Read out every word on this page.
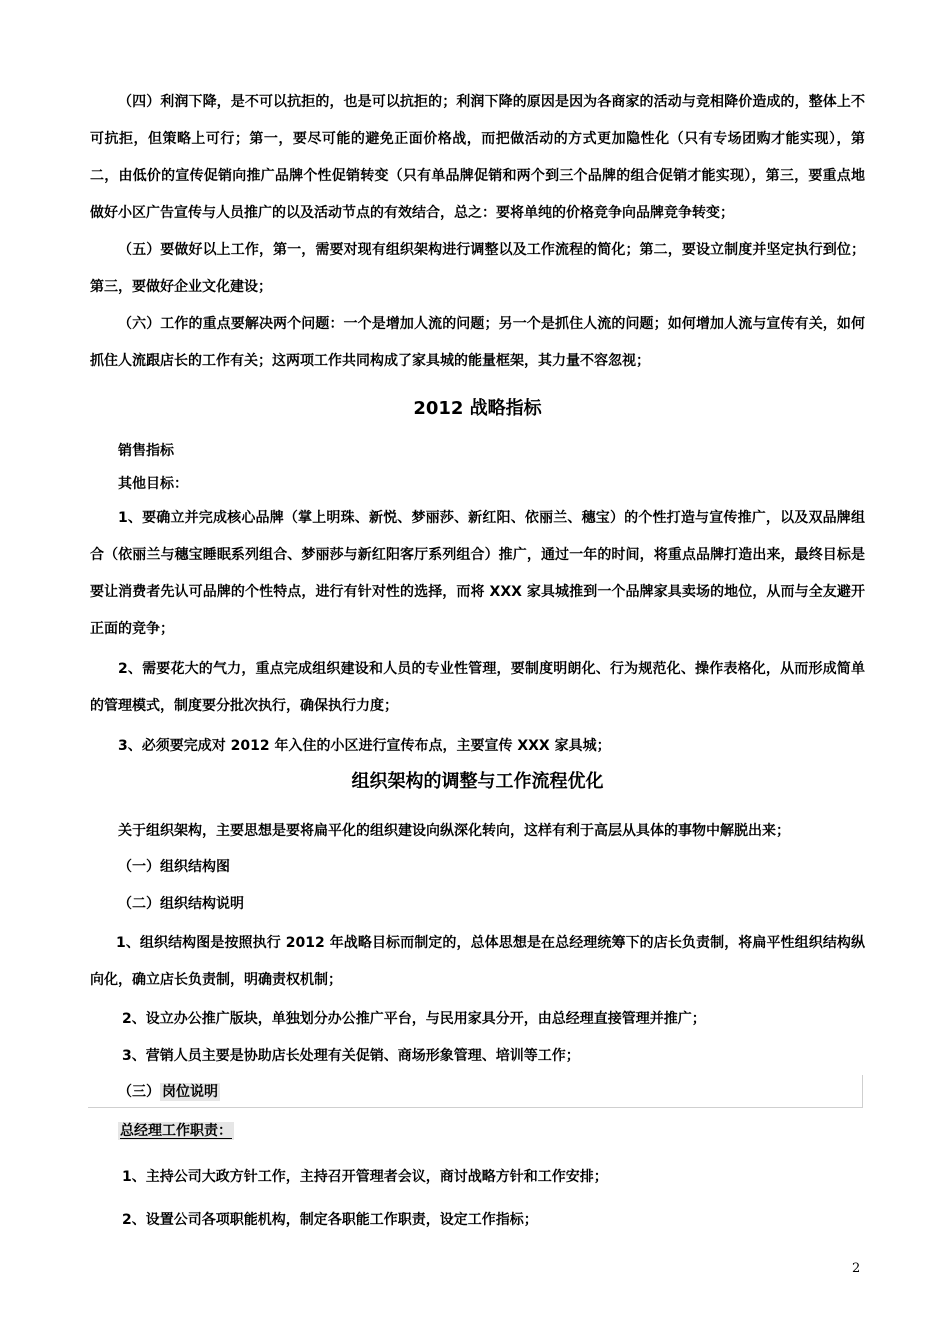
（四）利润下降，是不可以抗拒的，也是可以抗拒的；利润下降的原因是因为各商家的活动与竞相降价造成的，整体上不可抗拒，但策略上可行；第一，要尽可能的避免正面价格战，而把做活动的方式更加隐性化（只有专场团购才能实现），第二，由低价的宣传促销向推广品牌个性促销转变（只有单品牌促销和两个到三个品牌的组合促销才能实现），第三，要重点地做好小区广告宣传与人员推广的以及活动节点的有效结合，总之：要将单纯的价格竞争向品牌竞争转变；

（五）要做好以上工作，第一，需要对现有组织架构进行调整以及工作流程的简化；第二，要设立制度并坚定执行到位；第三，要做好企业文化建设；

（六）工作的重点要解决两个问题：一个是增加人流的问题；另一个是抓住人流的问题；如何增加人流与宣传有关，如何抓住人流跟店长的工作有关；这两项工作共同构成了家具城的能量框架，其力量不容忽视；

2012 战略指标

销售指标

其他目标：

1、要确立并完成核心品牌（掌上明珠、新悦、梦丽莎、新红阳、依丽兰、穗宝）的个性打造与宣传推广，以及双品牌组合（依丽兰与穗宝睡眠系列组合、梦丽莎与新红阳客厅系列组合）推广，通过一年的时间，将重点品牌打造出来，最终目标是要让消费者先认可品牌的个性特点，进行有针对性的选择，而将 XXX 家具城推到一个品牌家具卖场的地位，从而与全友避开正面的竞争；

2、需要花大的气力，重点完成组织建设和人员的专业性管理，要制度明朗化、行为规范化、操作表格化，从而形成简单的管理模式，制度要分批次执行，确保执行力度；

3、必须要完成对 2012 年入住的小区进行宣传布点，主要宣传 XXX 家具城；

组织架构的调整与工作流程优化

关于组织架构，主要思想是要将扁平化的组织建设向纵深化转向，这样有利于高层从具体的事物中解脱出来；

（一）组织结构图

（二）组织结构说明

1、组织结构图是按照执行 2012 年战略目标而制定的，总体思想是在总经理统筹下的店长负责制，将扁平性组织结构纵向化，确立店长负责制，明确责权机制；

2、设立办公推广版块，单独划分办公推广平台，与民用家具分开，由总经理直接管理并推广；

3、营销人员主要是协助店长处理有关促销、商场形象管理、培训等工作；

（三） 岗位说明

总经理工作职责：

1、主持公司大政方针工作，主持召开管理者会议，商讨战略方针和工作安排；

2、设置公司各项职能机构，制定各职能工作职责，设定工作指标；

2
